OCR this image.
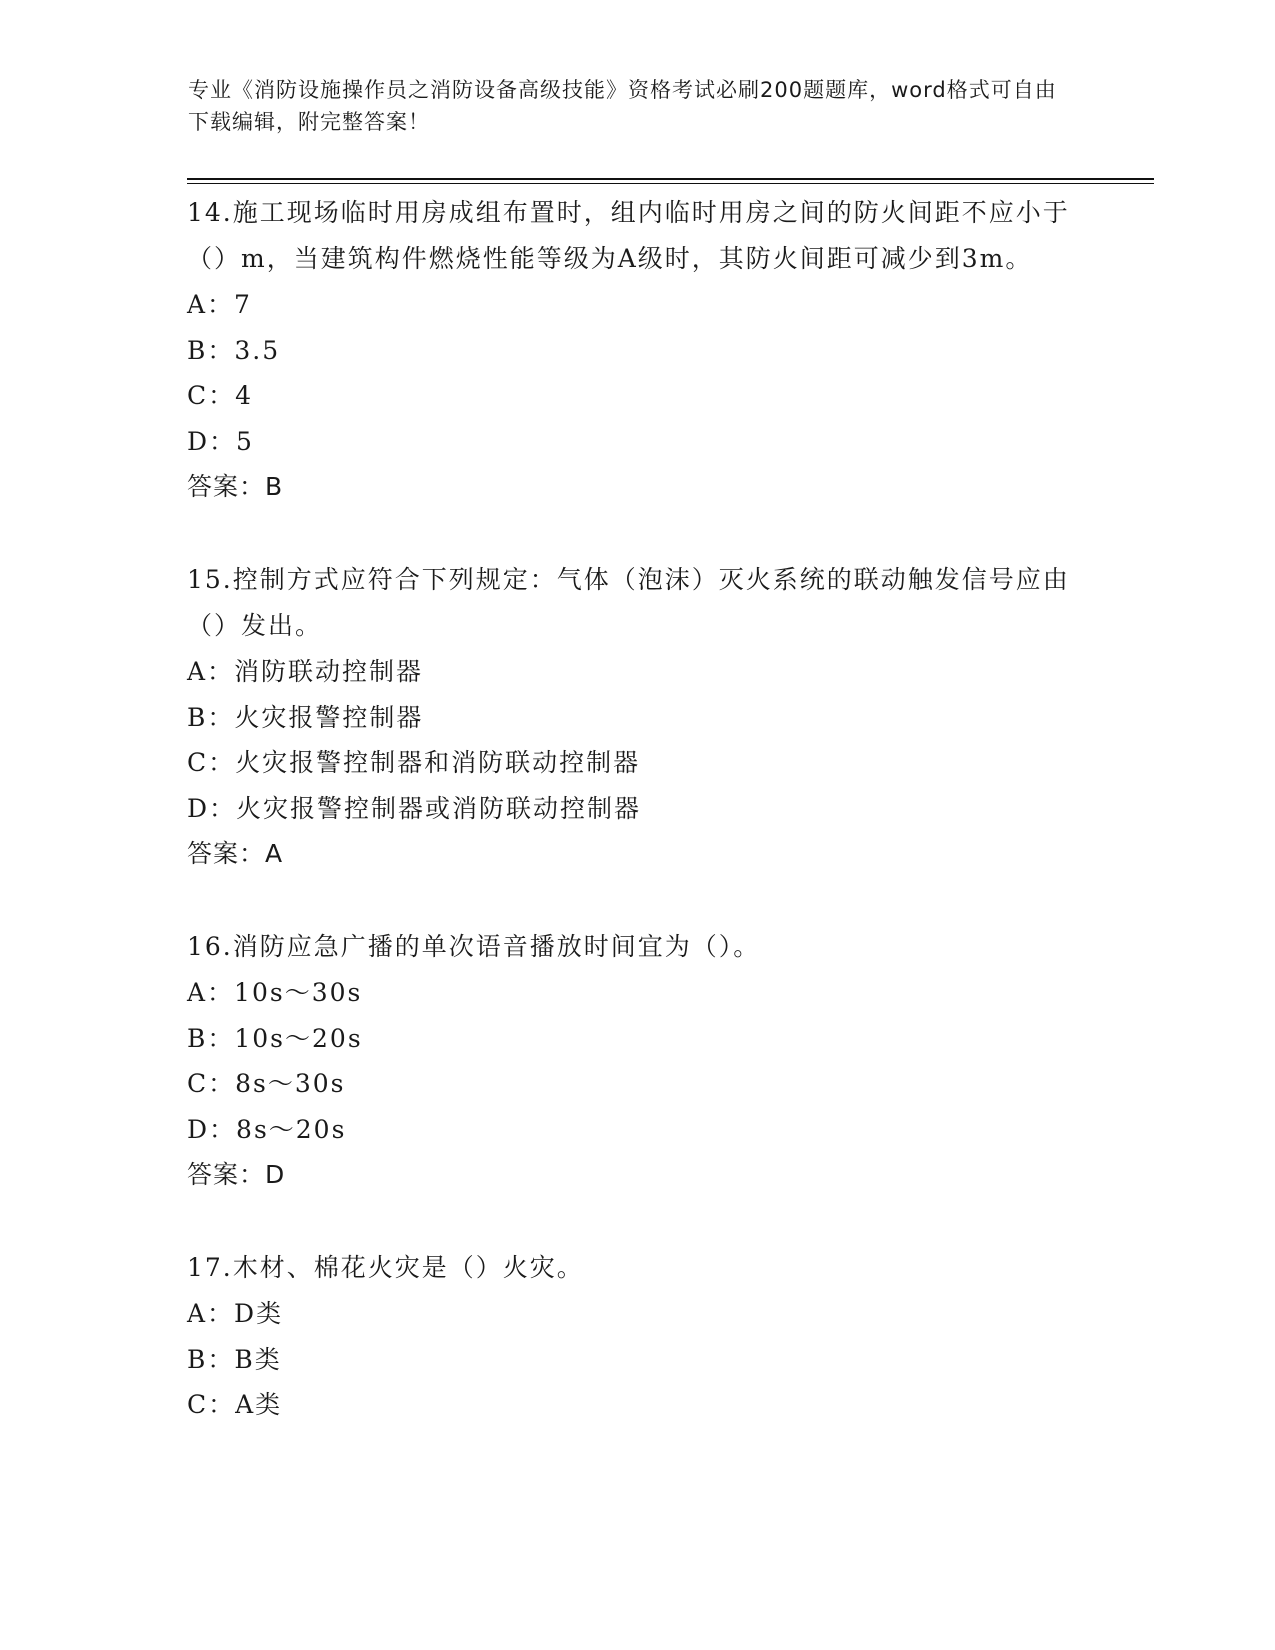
专业《消防设施操作员之消防设备高级技能》资格考试必刷200题题库，word格式可自由下载编辑，附完整答案！
14.施工现场临时用房成组布置时，组内临时用房之间的防火间距不应小于（）m，当建筑构件燃烧性能等级为A级时，其防火间距可减少到3m。
A：7
B：3.5
C：4
D：5
答案：B
15.控制方式应符合下列规定：气体（泡沫）灭火系统的联动触发信号应由（）发出。
A：消防联动控制器
B：火灾报警控制器
C：火灾报警控制器和消防联动控制器
D：火灾报警控制器或消防联动控制器
答案：A
16.消防应急广播的单次语音播放时间宜为（）。
A：10s～30s
B：10s～20s
C：8s～30s
D：8s～20s
答案：D
17.木材、棉花火灾是（）火灾。
A：D类
B：B类
C：A类
